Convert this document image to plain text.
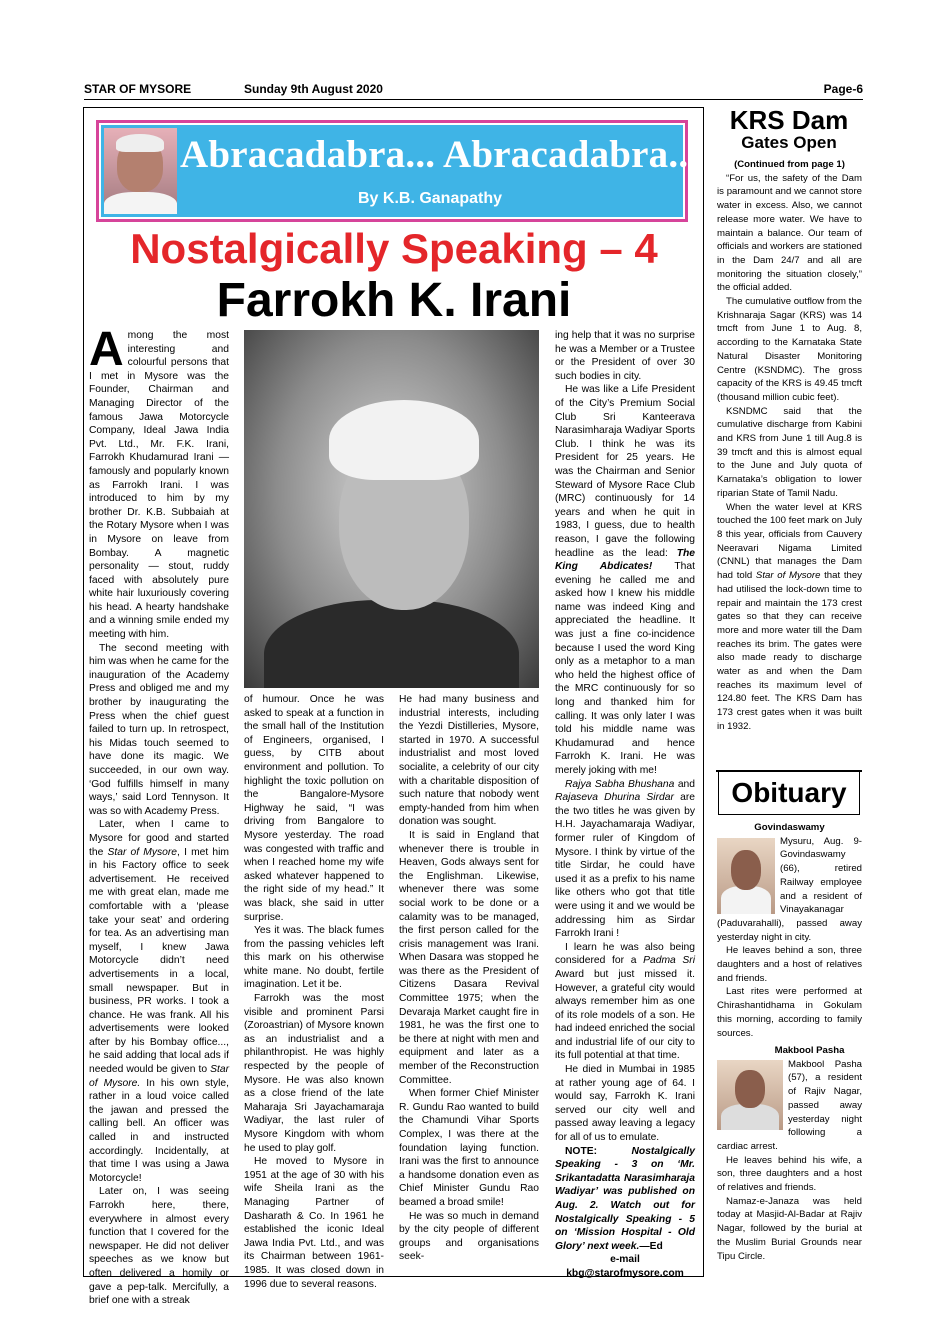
STAR OF MYSORE	Sunday 9th August 2020	Page-6
Abracadabra... Abracadabra...
By K.B. Ganapathy
Nostalgically Speaking – 4
Farrokh K. Irani

Among the most interesting and colourful persons that I met in Mysore was the Founder, Chairman and Managing Director of the famous Jawa Motorcycle Company, Ideal Jawa India Pvt. Ltd., Mr. F.K. Irani, Farrokh Khudamurad Irani — famously and popularly known as Farrokh Irani. I was introduced to him by my brother Dr. K.B. Subbaiah at the Rotary Mysore when I was in Mysore on leave from Bombay. A magnetic personality — stout, ruddy faced with absolutely pure white hair luxuriously covering his head. A hearty handshake and a winning smile ended my meeting with him.

The second meeting with him was when he came for the inauguration of the Academy Press and obliged me and my brother by inaugurating the Press when the chief guest failed to turn up. In retrospect, his Midas touch seemed to have done its magic. We succeeded, in our own way. ‘God fulfills himself in many ways,’ said Lord Tennyson. It was so with Academy Press.

Later, when I came to Mysore for good and started the Star of Mysore, I met him in his Factory office to seek advertisement. He received me with great elan, made me comfortable with a ‘please take your seat’ and ordering for tea. As an advertising man myself, I knew Jawa Motorcycle didn’t need advertisements in a local, small newspaper. But in business, PR works. I took a chance. He was frank. All his advertisements were looked after by his Bombay office..., he said adding that local ads if needed would be given to Star of Mysore. In his own style, rather in a loud voice called the jawan and pressed the calling bell. An officer was called in and instructed accordingly. Incidentally, at that time I was using a Jawa Motorcycle!

Later on, I was seeing Farrokh here, there, everywhere in almost every function that I covered for the newspaper. He did not deliver speeches as we know but often delivered a homily or gave a pep-talk. Mercifully, a brief one with a streak

of humour. Once he was asked to speak at a function in the small hall of the Institution of Engineers, organised, I guess, by CITB about environment and pollution. To highlight the toxic pollution on the Bangalore-Mysore Highway he said, “I was driving from Bangalore to Mysore yesterday. The road was congested with traffic and when I reached home my wife asked whatever happened to the right side of my head.” It was black, she said in utter surprise.

Yes it was. The black fumes from the passing vehicles left this mark on his otherwise white mane. No doubt, fertile imagination. Let it be.

Farrokh was the most visible and prominent Parsi (Zoroastrian) of Mysore known as an industrialist and a philanthropist. He was highly respected by the people of Mysore. He was also known as a close friend of the late Maharaja Sri Jayachamaraja Wadiyar, the last ruler of Mysore Kingdom with whom he used to play golf.

He moved to Mysore in 1951 at the age of 30 with his wife Sheila Irani as the Managing Partner of Dasharath & Co. In 1961 he established the iconic Ideal Jawa India Pvt. Ltd., and was its Chairman between 1961-1985. It was closed down in 1996 due to several reasons.

He had many business and industrial interests, including the Yezdi Distilleries, Mysore, started in 1970. A successful industrialist and most loved socialite, a celebrity of our city with a charitable disposition of such nature that nobody went empty-handed from him when donation was sought.

It is said in England that whenever there is trouble in Heaven, Gods always sent for the Englishman. Likewise, whenever there was some social work to be done or a calamity was to be managed, the first person called for the crisis management was Irani. When Dasara was stopped he was there as the President of Citizens Dasara Revival Committee 1975; when the Devaraja Market caught fire in 1981, he was the first one to be there at night with men and equipment and later as a member of the Reconstruction Committee.

When former Chief Minister R. Gundu Rao wanted to build the Chamundi Vihar Sports Complex, I was there at the foundation laying function. Irani was the first to announce a handsome donation even as Chief Minister Gundu Rao beamed a broad smile!

He was so much in demand by the city people of different groups and organisations seek-

ing help that it was no surprise he was a Member or a Trustee or the President of over 30 such bodies in city.

He was like a Life President of the City’s Premium Social Club Sri Kanteerava Narasimharaja Wadiyar Sports Club. I think he was its President for 25 years. He was the Chairman and Senior Steward of Mysore Race Club (MRC) continuously for 14 years and when he quit in 1983, I guess, due to health reason, I gave the following headline as the lead: The King Abdicates! That evening he called me and asked how I knew his middle name was indeed King and appreciated the headline. It was just a fine co-incidence because I used the word King only as a metaphor to a man who held the highest office of the MRC continuously for so long and thanked him for calling. It was only later I was told his middle name was Khudamurad and hence Farrokh K. Irani. He was merely joking with me!

Rajya Sabha Bhushana and Rajaseva Dhurina Sirdar are the two titles he was given by H.H. Jayachamaraja Wadiyar, former ruler of Kingdom of Mysore. I think by virtue of the title Sirdar, he could have used it as a prefix to his name like others who got that title were using it and we would be addressing him as Sirdar Farrokh Irani !

I learn he was also being considered for a Padma Sri Award but just missed it. However, a grateful city would always remember him as one of its role models of a son. He had indeed enriched the social and industrial life of our city to its full potential at that time.

He died in Mumbai in 1985 at rather young age of 64. I would say, Farrokh K. Irani served our city well and passed away leaving a legacy for all of us to emulate.

NOTE: Nostalgically Speaking - 3 on ‘Mr. Srikantadatta Narasimharaja Wadiyar’ was published on Aug. 2. Watch out for Nostalgically Speaking - 5 on ‘Mission Hospital - Old Glory’ next week.—Ed

e-mail

kbg@starofmysore.com

KRS Dam
Gates Open

(Continued from page 1)

“For us, the safety of the Dam is paramount and we cannot store water in excess. Also, we cannot release more water. We have to maintain a balance. Our team of officials and workers are stationed in the Dam 24/7 and all are monitoring the situation closely,” the official added.

The cumulative outflow from the Krishnaraja Sagar (KRS) was 14 tmcft from June 1 to Aug. 8, according to the Karnataka State Natural Disaster Monitoring Centre (KSNDMC). The gross capacity of the KRS is 49.45 tmcft (thousand million cubic feet).

KSNDMC said that the cumulative discharge from Kabini and KRS from June 1 till Aug.8 is 39 tmcft and this is almost equal to the June and July quota of Karnataka’s obligation to lower riparian State of Tamil Nadu.

When the water level at KRS touched the 100 feet mark on July 8 this year, officials from Cauvery Neeravari Nigama Limited (CNNL) that manages the Dam had told Star of Mysore that they had utilised the lock-down time to repair and maintain the 173 crest gates so that they can receive more and more water till the Dam reaches its brim. The gates were also made ready to discharge water as and when the Dam reaches its maximum level of 124.80 feet. The KRS Dam has 173 crest gates when it was built in 1932.

Obituary

Govindaswamy

Mysuru, Aug. 9- Govindaswamy (66), retired Railway employee and a resident of Vinayakanagar (Paduvarahalli), passed away yesterday night in city.

He leaves behind a son, three daughters and a host of relatives and friends.

Last rites were performed at Chirashantidhama in Gokulam this morning, according to family sources.

Makbool Pasha

Makbool Pasha (57), a resident of Rajiv Nagar, passed away yesterday night following a cardiac arrest.

He leaves behind his wife, a son, three daughters and a host of relatives and friends.

Namaz-e-Janaza was held today at Masjid-Al-Badar at Rajiv Nagar, followed by the burial at the Muslim Burial Grounds near Tipu Circle.
